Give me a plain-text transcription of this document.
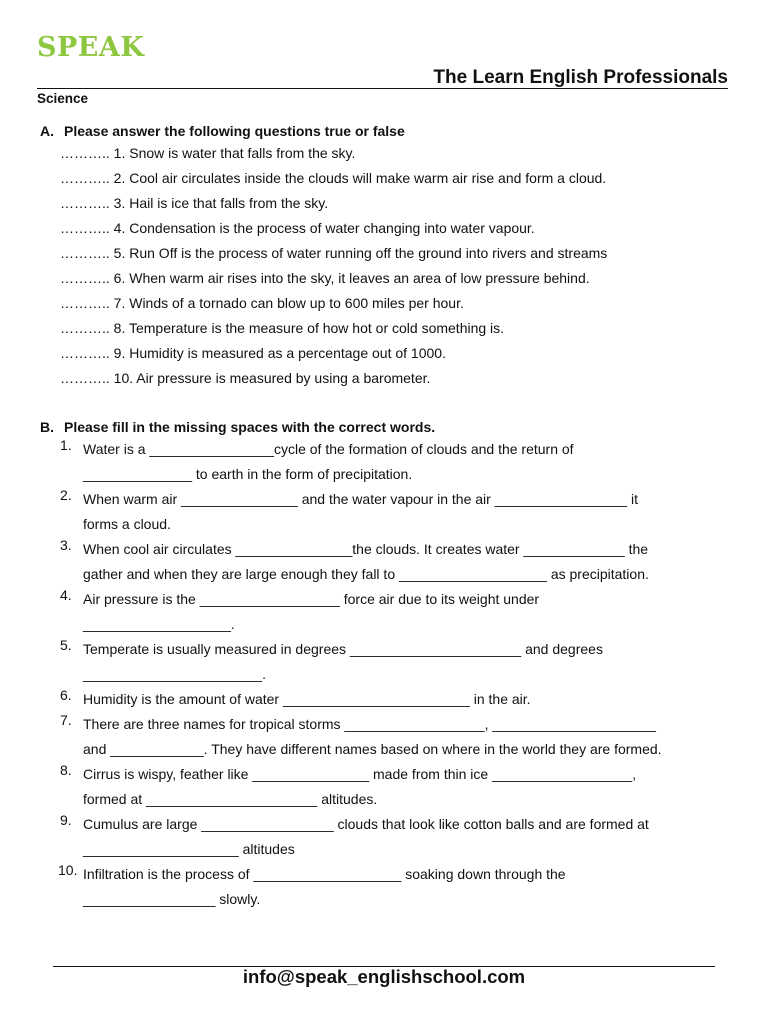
SPEAK
The Learn English Professionals
Science
A. Please answer the following questions true or false
……….. 1. Snow is water that falls from the sky.
……….. 2. Cool air circulates inside the clouds will make warm air rise and form a cloud.
……….. 3. Hail is ice that falls from the sky.
……….. 4. Condensation is the process of water changing into water vapour.
……….. 5. Run Off is the process of water running off the ground into rivers and streams
……….. 6. When warm air rises into the sky, it leaves an area of low pressure behind.
……….. 7. Winds of a tornado can blow up to 600 miles per hour.
……….. 8. Temperature is the measure of how hot or cold something is.
……….. 9. Humidity is measured as a percentage out of 1000.
……….. 10. Air pressure is measured by using a barometer.
B. Please fill in the missing spaces with the correct words.
1. Water is a ________________cycle of the formation of clouds and the return of
______________ to earth in the form of precipitation.
2. When warm air _______________ and the water vapour in the air _________________ it
forms a cloud.
3. When cool air circulates _______________the clouds. It creates water _____________ the
gather and when they are large enough they fall to ___________________ as precipitation.
4. Air pressure is the __________________ force air due to its weight under
___________________.
5. Temperate is usually measured in degrees ______________________ and degrees
_______________________.
6. Humidity is the amount of water ________________________ in the air.
7. There are three names for tropical storms __________________, _____________________
and ____________. They have different names based on where in the world they are formed.
8. Cirrus is wispy, feather like _______________ made from thin ice __________________,
formed at ______________________ altitudes.
9. Cumulus are large _________________ clouds that look like cotton balls and are formed at
____________________ altitudes
10. Infiltration is the process of ___________________ soaking down through the
_________________ slowly.
info@speak_englishschool.com
